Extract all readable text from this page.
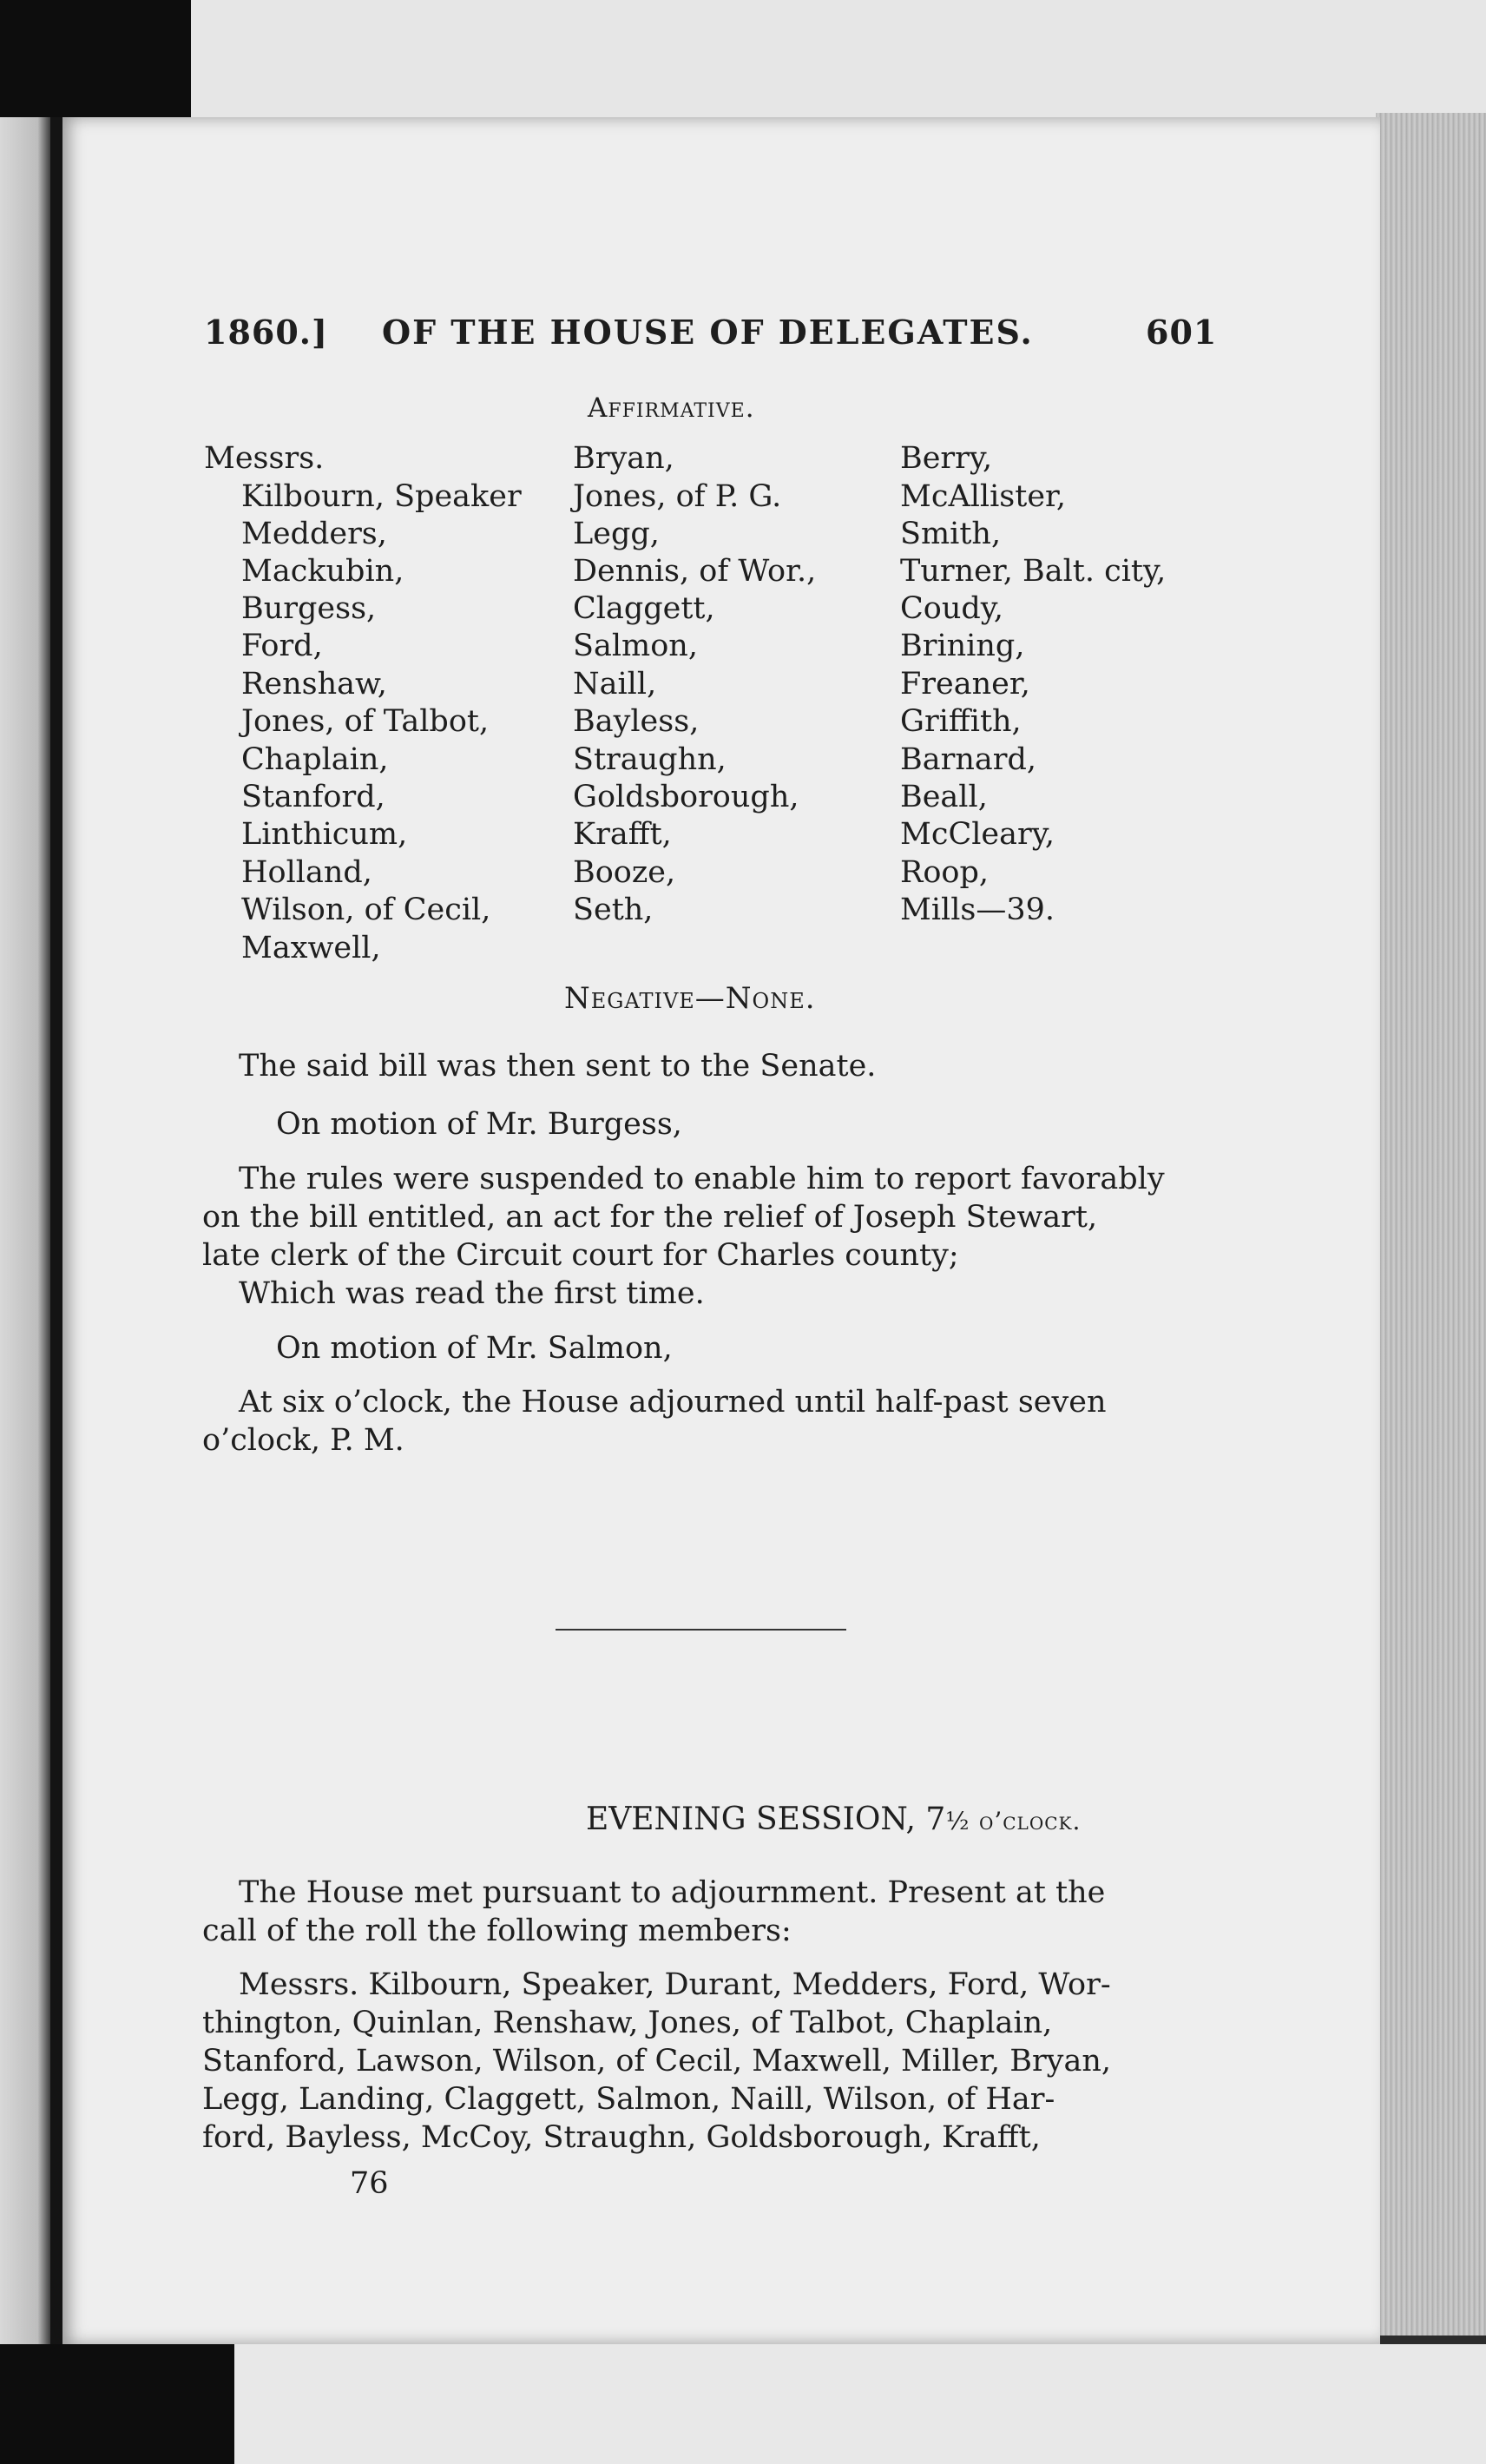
1860.] OF THE HOUSE OF DELEGATES.	601
Affirmative.
Messrs.
Kilbourn, Speaker
Medders,
Mackubin,
Burgess,
Ford,
Renshaw,
Jones, of Talbot,
Chaplain,
Stanford,
Linthicum,
Holland,
Wilson, of Cecil,
Maxwell,
Bryan,
Jones, of P. G.
Legg,
Dennis, of Wor.,
Claggett,
Salmon,
Naill,
Bayless,
Straughn,
Goldsborough,
Krafft,
Booze,
Seth,
Berry,
McAllister,
Smith,
Turner, Balt. city,
Coudy,
Brining,
Freaner,
Griffith,
Barnard,
Beall,
McCleary,
Roop,
Mills—39.
Negative—None.
The said bill was then sent to the Senate.
On motion of Mr. Burgess,
The rules were suspended to enable him to report favorably
on the bill entitled, an act for the relief of Joseph Stewart,
late clerk of the Circuit court for Charles county;
Which was read the first time.
On motion of Mr. Salmon,
At six o’clock, the House adjourned until half-past seven
o’clock, P. M.
EVENING SESSION, 7½ o’clock.
The House met pursuant to adjournment. Present at the
call of the roll the following members:
Messrs. Kilbourn, Speaker, Durant, Medders, Ford, Wor-
thington, Quinlan, Renshaw, Jones, of Talbot, Chaplain,
Stanford, Lawson, Wilson, of Cecil, Maxwell, Miller, Bryan,
Legg, Landing, Claggett, Salmon, Naill, Wilson, of Har-
ford, Bayless, McCoy, Straughn, Goldsborough, Krafft,
76
